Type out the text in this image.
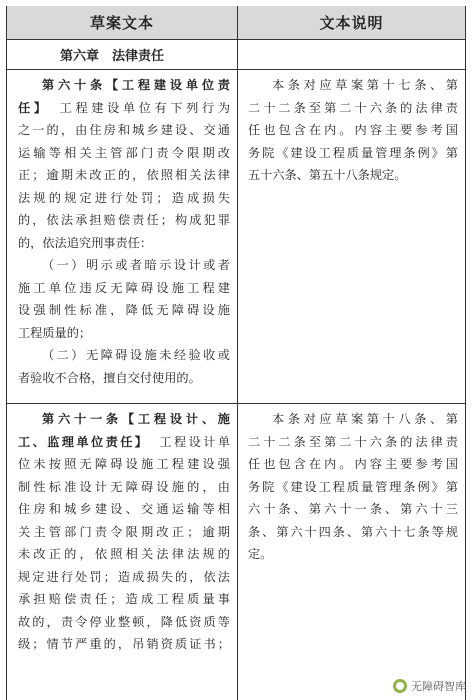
草案文本	文本说明
第六章　法律责任
第六十条【工程建设单位责
任】 工程建设单位有下列行为
之一的，由住房和城乡建设、交通
运输等相关主管部门责令限期改
正；逾期未改正的，依照相关法律
法规的规定进行处罚；造成损失
的，依法承担赔偿责任；构成犯罪
的，依法追究刑事责任：
（一）明示或者暗示设计或者
施工单位违反无障碍设施工程建
设强制性标准，降低无障碍设施
工程质量的；
（二）无障碍设施未经验收或
者验收不合格，擅自交付使用的。
本条对应草案第十七条、第
二十二条至第二十六条的法律责
任也包含在内。内容主要参考国
务院《建设工程质量管理条例》第
五十六条、第五十八条规定。
第六十一条【工程设计、施
工、监理单位责任】 工程设计单
位未按照无障碍设施工程建设强
制性标准设计无障碍设施的，由
住房和城乡建设、交通运输等相
关主管部门责令限期改正；逾期
未改正的，依照相关法律法规的
规定进行处罚；造成损失的，依法
承担赔偿责任；造成工程质量事
故的，责令停业整顿，降低资质等
级；情节严重的，吊销资质证书；
本条对应草案第十八条、第
二十二条至第二十六条的法律责
任也包含在内。内容主要参考国
务院《建设工程质量管理条例》第
六十条、第六十一条、第六十三
条、第六十四条、第六十七条等规
定。
无障碍智库
